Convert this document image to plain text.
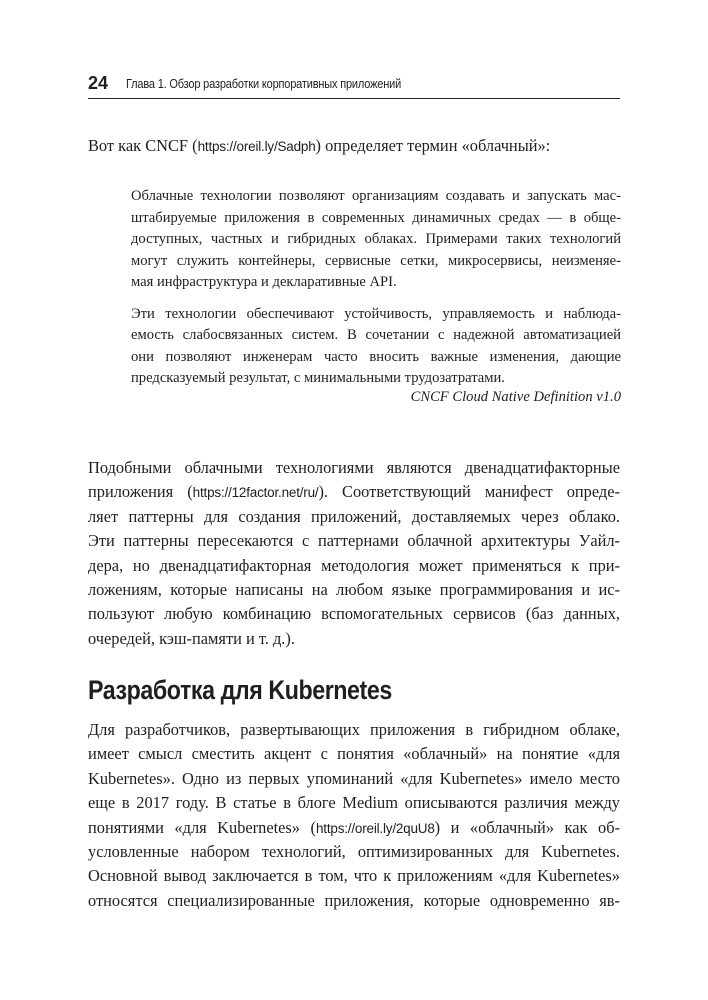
24 Глава 1. Обзор разработки корпоративных приложений
Вот как CNCF (https://oreil.ly/Sadph) определяет термин «облачный»:
Облачные технологии позволяют организациям создавать и запускать мас-
штабируемые приложения в современных динамичных средах — в обще-
доступных, частных и гибридных облаках. Примерами таких технологий
могут служить контейнеры, сервисные сетки, микросервисы, неизменяе-
мая инфраструктура и декларативные API.
Эти технологии обеспечивают устойчивость, управляемость и наблюда-
емость слабосвязанных систем. В сочетании с надежной автоматизацией
они позволяют инженерам часто вносить важные изменения, дающие
предсказуемый результат, с минимальными трудозатратами.
CNCF Cloud Native Definition v1.0
Подобными облачными технологиями являются двенадцатифакторные
приложения (https://12factor.net/ru/). Соответствующий манифест опреде-
ляет паттерны для создания приложений, доставляемых через облако.
Эти паттерны пересекаются с паттернами облачной архитектуры Уайл-
дера, но двенадцатифакторная методология может применяться к при-
ложениям, которые написаны на любом языке программирования и ис-
пользуют любую комбинацию вспомогательных сервисов (баз данных,
очередей, кэш-памяти и т. д.).
Разработка для Kubernetes
Для разработчиков, развертывающих приложения в гибридном облаке,
имеет смысл сместить акцент с понятия «облачный» на понятие «для
Kubernetes». Одно из первых упоминаний «для Kubernetes» имело место
еще в 2017 году. В статье в блоге Medium описываются различия между
понятиями «для Kubernetes» (https://oreil.ly/2quU8) и «облачный» как об-
условленные набором технологий, оптимизированных для Kubernetes.
Основной вывод заключается в том, что к приложениям «для Kubernetes»
относятся специализированные приложения, которые одновременно яв-
